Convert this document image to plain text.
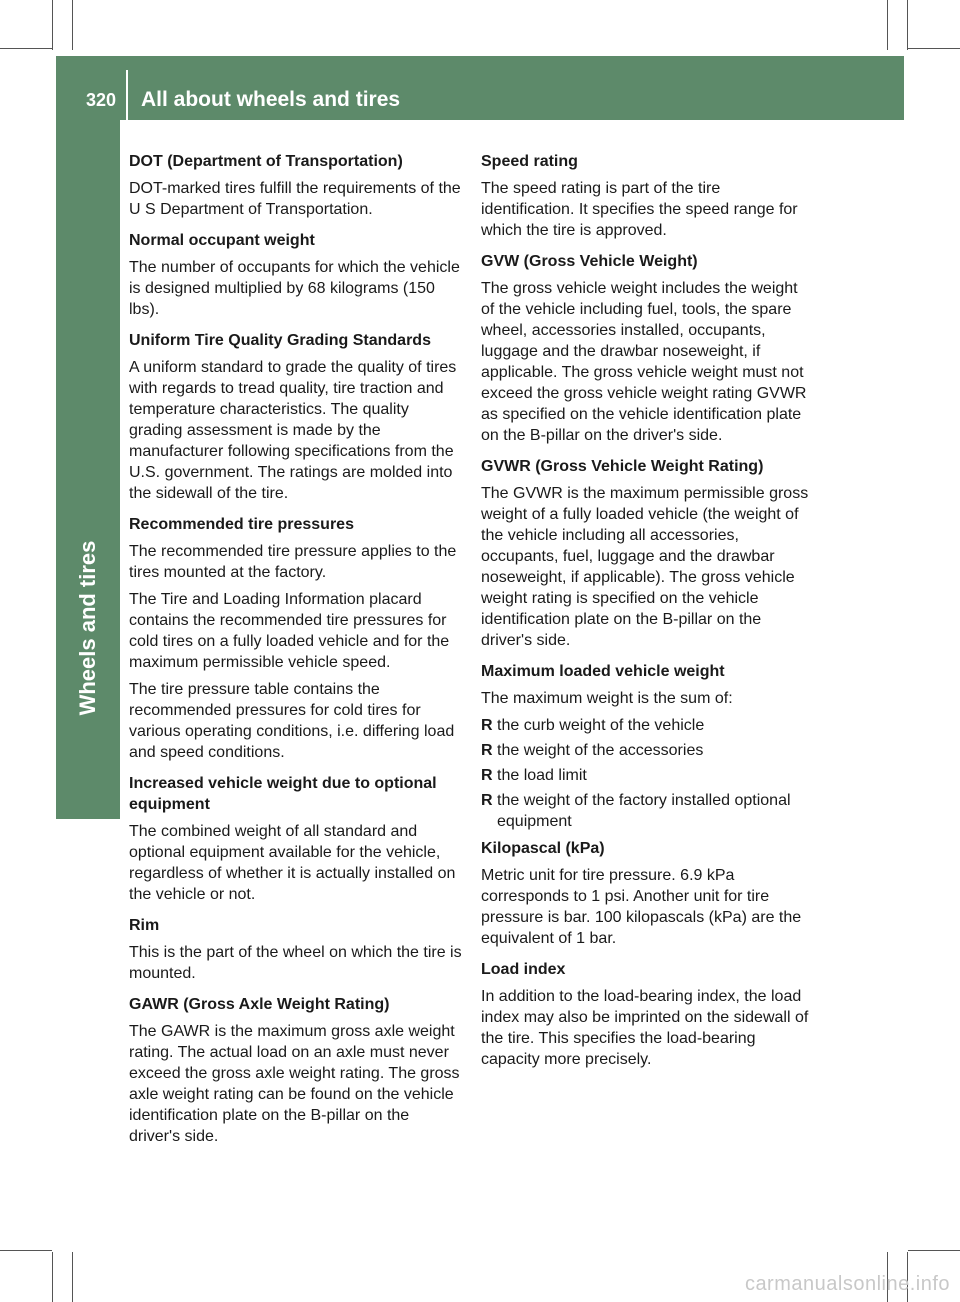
320	All about wheels and tires
Wheels and tires

DOT (Department of Transportation)

DOT-marked tires fulfill the requirements of the U S Department of Transportation.

Normal occupant weight

The number of occupants for which the vehicle is designed multiplied by 68 kilograms (150 lbs).

Uniform Tire Quality Grading Standards

A uniform standard to grade the quality of tires with regards to tread quality, tire traction and temperature characteristics. The quality grading assessment is made by the manufacturer following specifications from the U.S. government. The ratings are molded into the sidewall of the tire.

Recommended tire pressures

The recommended tire pressure applies to the tires mounted at the factory.

The Tire and Loading Information placard contains the recommended tire pressures for cold tires on a fully loaded vehicle and for the maximum permissible vehicle speed.

The tire pressure table contains the recommended pressures for cold tires for various operating conditions, i.e. differing load and speed conditions.

Increased vehicle weight due to optional equipment

The combined weight of all standard and optional equipment available for the vehicle, regardless of whether it is actually installed on the vehicle or not.

Rim

This is the part of the wheel on which the tire is mounted.

GAWR (Gross Axle Weight Rating)

The GAWR is the maximum gross axle weight rating. The actual load on an axle must never exceed the gross axle weight rating. The gross axle weight rating can be found on the vehicle identification plate on the B-pillar on the driver's side.

Speed rating

The speed rating is part of the tire identification. It specifies the speed range for which the tire is approved.

GVW (Gross Vehicle Weight)

The gross vehicle weight includes the weight of the vehicle including fuel, tools, the spare wheel, accessories installed, occupants, luggage and the drawbar noseweight, if applicable. The gross vehicle weight must not exceed the gross vehicle weight rating GVWR as specified on the vehicle identification plate on the B-pillar on the driver's side.

GVWR (Gross Vehicle Weight Rating)

The GVWR is the maximum permissible gross weight of a fully loaded vehicle (the weight of the vehicle including all accessories, occupants, fuel, luggage and the drawbar noseweight, if applicable). The gross vehicle weight rating is specified on the vehicle identification plate on the B-pillar on the driver's side.

Maximum loaded vehicle weight

The maximum weight is the sum of:

R the curb weight of the vehicle
R the weight of the accessories
R the load limit
R the weight of the factory installed optional equipment

Kilopascal (kPa)

Metric unit for tire pressure. 6.9 kPa corresponds to 1 psi. Another unit for tire pressure is bar. 100 kilopascals (kPa) are the equivalent of 1 bar.

Load index

In addition to the load-bearing index, the load index may also be imprinted on the sidewall of the tire. This specifies the load-bearing capacity more precisely.

carmanualsonline.info
